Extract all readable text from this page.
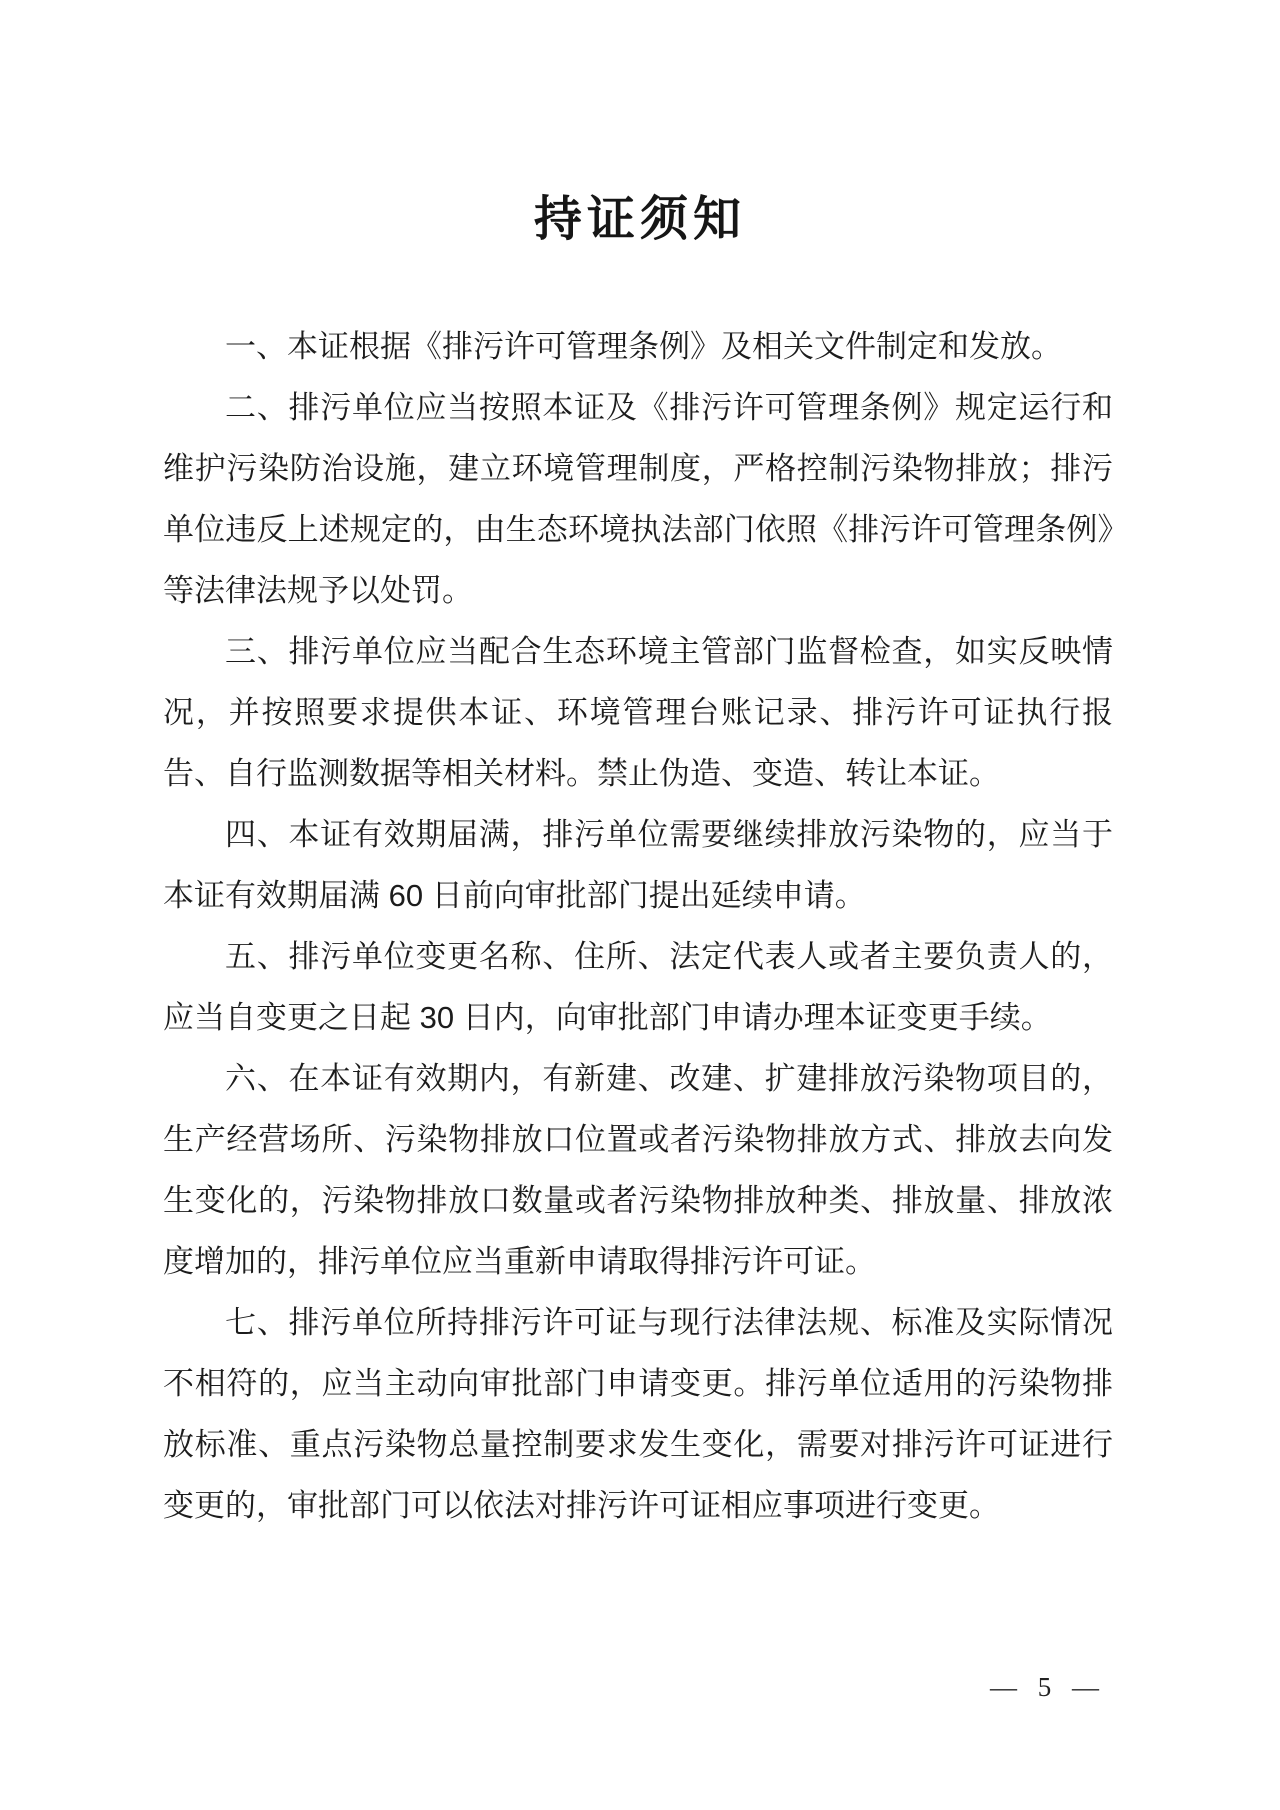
持证须知

一、本证根据《排污许可管理条例》及相关文件制定和发放。

二、排污单位应当按照本证及《排污许可管理条例》规定运行和维护污染防治设施，建立环境管理制度，严格控制污染物排放；排污单位违反上述规定的，由生态环境执法部门依照《排污许可管理条例》等法律法规予以处罚。

三、排污单位应当配合生态环境主管部门监督检查，如实反映情况，并按照要求提供本证、环境管理台账记录、排污许可证执行报告、自行监测数据等相关材料。禁止伪造、变造、转让本证。

四、本证有效期届满，排污单位需要继续排放污染物的，应当于本证有效期届满 60 日前向审批部门提出延续申请。

五、排污单位变更名称、住所、法定代表人或者主要负责人的，应当自变更之日起 30 日内，向审批部门申请办理本证变更手续。

六、在本证有效期内，有新建、改建、扩建排放污染物项目的，生产经营场所、污染物排放口位置或者污染物排放方式、排放去向发生变化的，污染物排放口数量或者污染物排放种类、排放量、排放浓度增加的，排污单位应当重新申请取得排污许可证。

七、排污单位所持排污许可证与现行法律法规、标准及实际情况不相符的，应当主动向审批部门申请变更。排污单位适用的污染物排放标准、重点污染物总量控制要求发生变化，需要对排污许可证进行变更的，审批部门可以依法对排污许可证相应事项进行变更。

— 5 —
